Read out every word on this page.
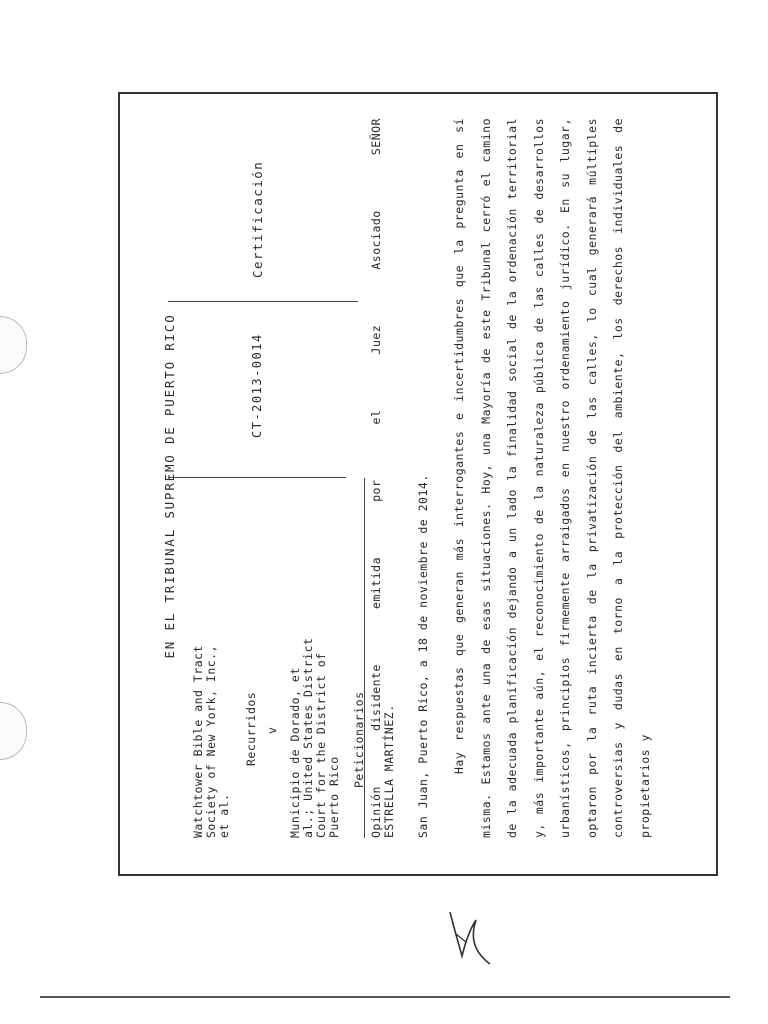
EN EL TRIBUNAL SUPREMO DE PUERTO RICO
Watchtower Bible and Tract Society of New York, Inc., et al.
Recurridos v Municipio de Dorado, et al.; United States District Court for the District of Puerto Rico
Peticionarios
CT-2013-0014
Certificación
Opinión
disidente
emitida
por
el
Juez
Asociado
SEÑOR
ESTRELLA MARTÍNEZ. San Juan, Puerto Rico, a 18 de noviembre de 2014.	Hay respuestas que generan más interrogantes e incertidumbres que la pregunta en sí misma. Estamos ante una de esas situaciones. Hoy, una Mayoría de este Tribunal cerró el camino de la adecuada planificación dejando a un lado la finalidad social de la ordenación territorial y, más importante aún, el reconocimiento de la naturaleza pública de las calles de desarrollos urbanísticos, principios firmemente arraigados en nuestro ordenamiento jurídico. En su lugar, optaron por la ruta incierta de la privatización de las calles, lo cual generará múltiples controversias y dudas en torno a la protección del ambiente, los derechos individuales de propietarios y
